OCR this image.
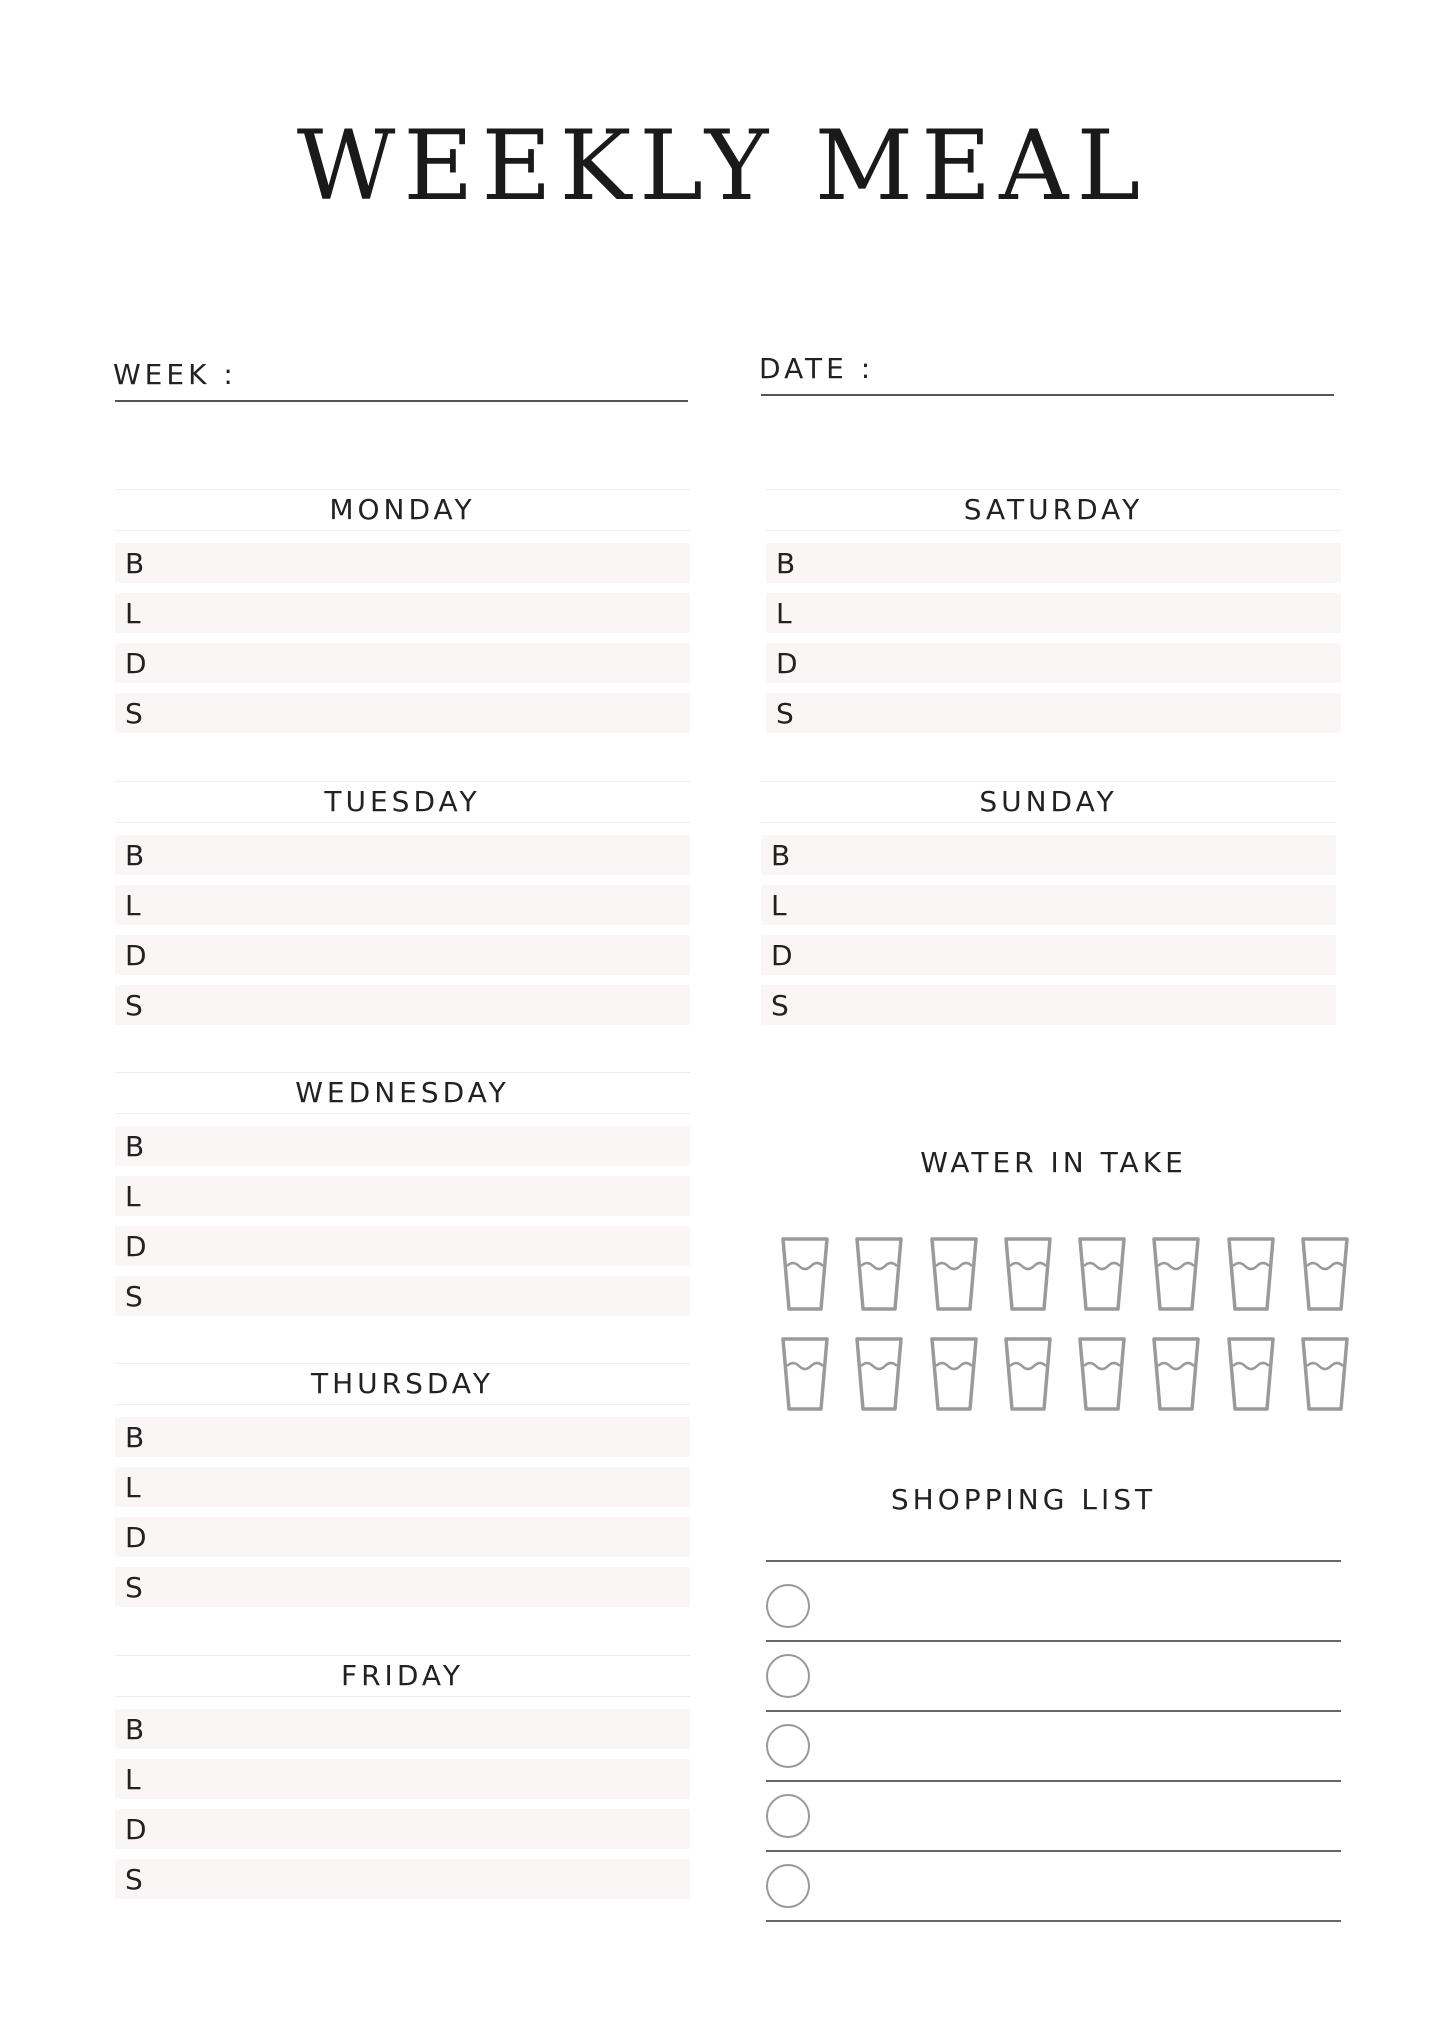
WEEKLY MEAL
WEEK :	DATE :
MONDAY
B
L
D
S
TUESDAY
B
L
D
S
WEDNESDAY
B
L
D
S
THURSDAY
B
L
D
S
FRIDAY
B
L
D
S
SATURDAY
B
L
D
S
SUNDAY
B
L
D
S
WATER IN TAKE
SHOPPING LIST
